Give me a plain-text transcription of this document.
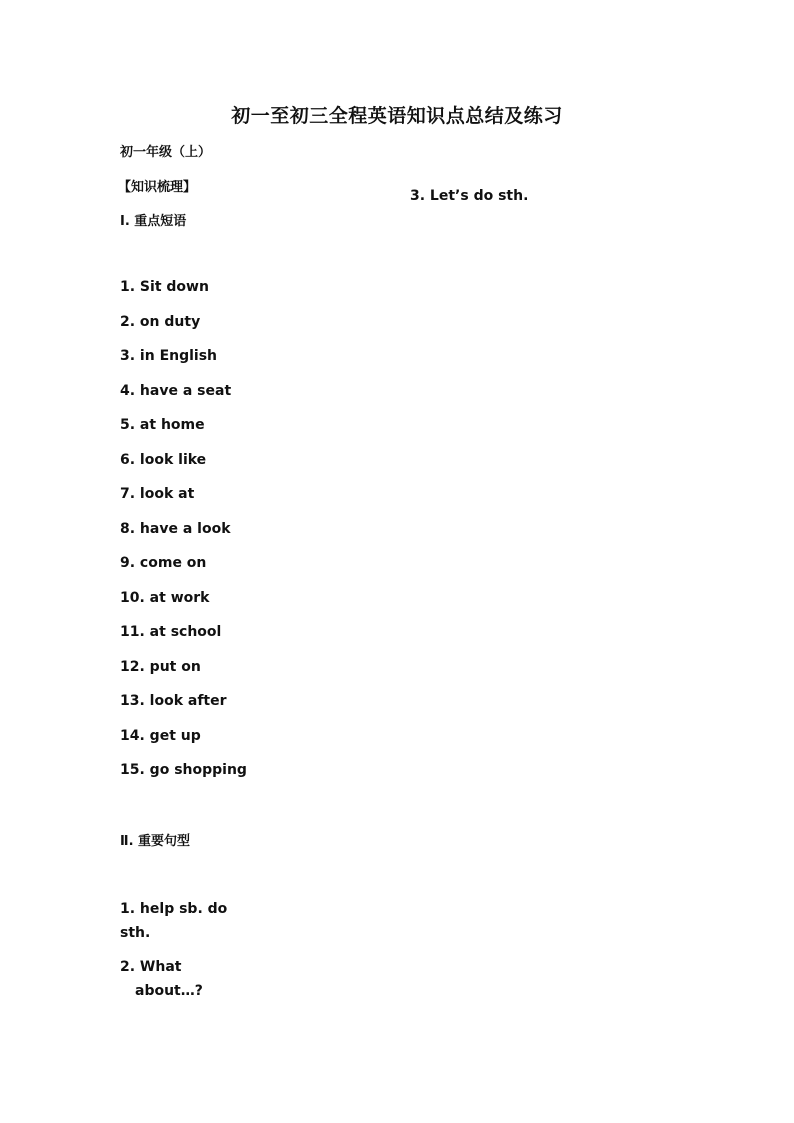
初一至初三全程英语知识点总结及练习

初一年级（上）

【知识梳理】

Ⅰ. 重点短语

1. Sit down
2. on duty
3. in English
4. have a seat
5. at home
6. look like
7. look at
8. have a look
9. come on
10. at work
11. at school
12. put on
13. look after
14. get up
15. go shopping

Ⅱ. 重要句型

1. help sb. do
sth.
2. What
about…?

3. Let’s do sth.
